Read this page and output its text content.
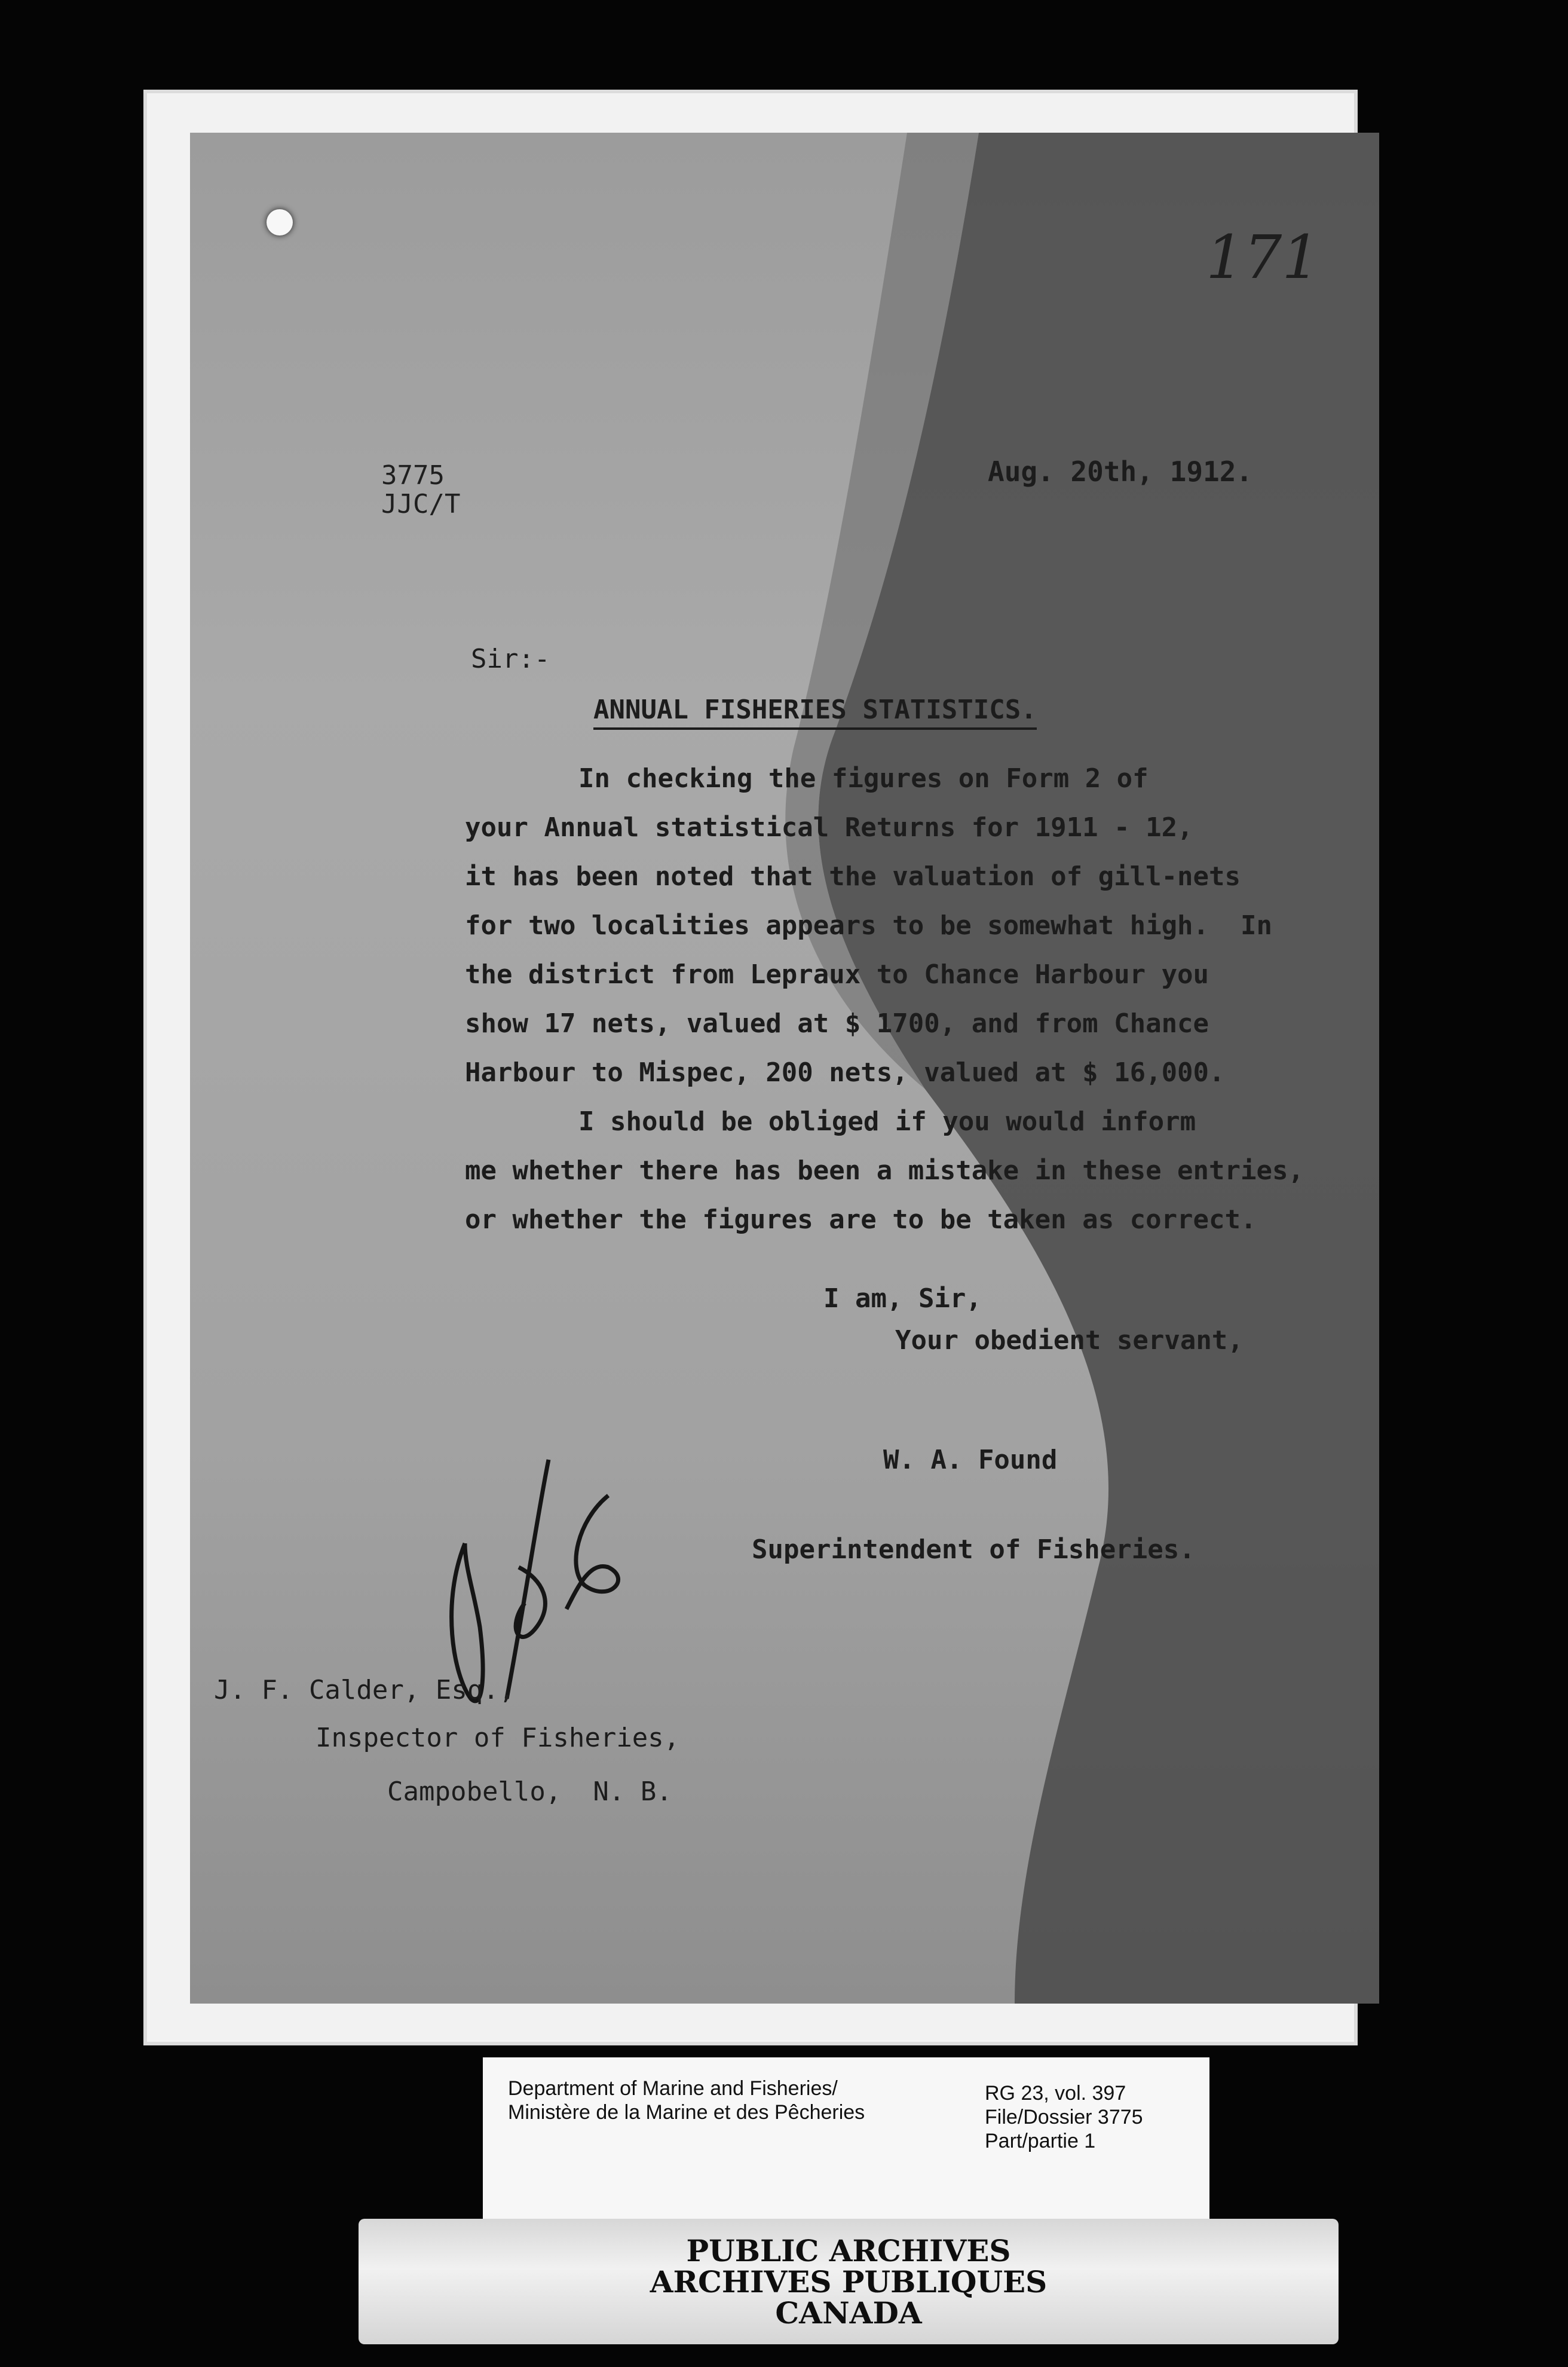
171
3775
JJC/T
Aug. 20th, 1912.
Sir:-
ANNUAL FISHERIES STATISTICS.
In checking the figures on Form 2 of
your Annual statistical Returns for 1911 - 12,
it has been noted that the valuation of gill-nets
for two localities appears to be somewhat high.  In
the district from Lepraux to Chance Harbour you
show 17 nets, valued at $ 1700, and from Chance
Harbour to Mispec, 200 nets, valued at $ 16,000.
I should be obliged if you would inform
me whether there has been a mistake in these entries,
or whether the figures are to be taken as correct.
I am, Sir,
Your obedient servant,
W. A. Found
Superintendent of Fisheries.
J. F. Calder, Esq.,
Inspector of Fisheries,
Campobello,  N. B.
Department of Marine and Fisheries/
Ministère de la Marine et des Pêcheries
RG 23, vol. 397
File/Dossier 3775
Part/partie 1
PUBLIC ARCHIVES
ARCHIVES PUBLIQUES
CANADA
